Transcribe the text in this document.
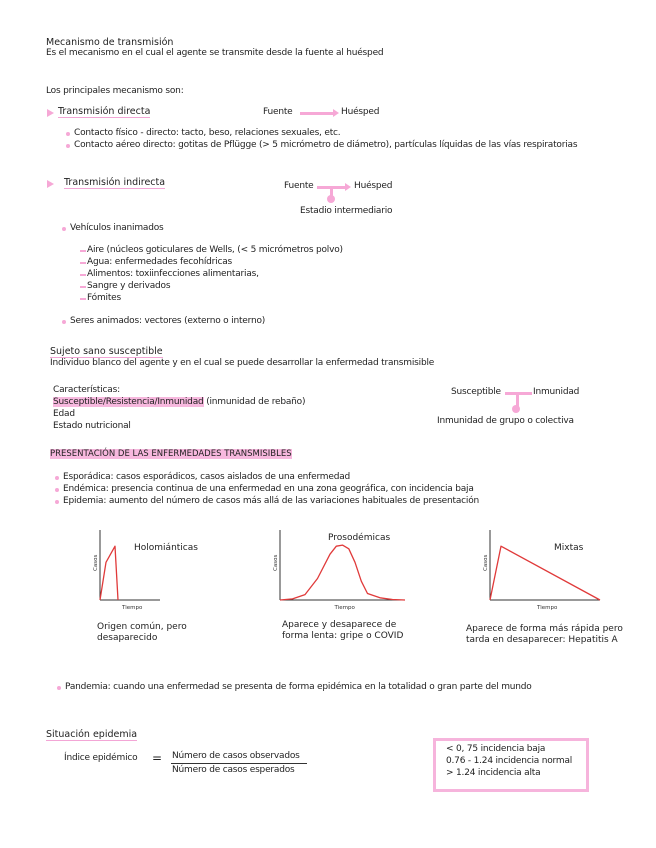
Mecanismo de transmisión
Es el mecanismo en el cual el agente se transmite desde la fuente al huésped
Los principales mecanismo son:
Transmisión directa	Fuente	Huésped
Contacto físico - directo: tacto, beso, relaciones sexuales, etc.
Contacto aéreo directo: gotitas de Pflügge (> 5 micrómetro de diámetro), partículas líquidas de las vías respiratorias
Transmisión indirecta	Fuente	Huésped
Estadio intermediario
Vehículos inanimados
Aire (núcleos goticulares de Wells, (< 5 micrómetros polvo)
Agua: enfermedades fecohídricas
Alimentos: toxiinfecciones alimentarias,
Sangre y derivados
Fómites
Seres animados: vectores (externo o interno)
Sujeto sano susceptible
Individuo blanco del agente y en el cual se puede desarrollar la enfermedad transmisible
Características:
Susceptible/Resistencia/Inmunidad (inmunidad de rebaño)
Edad
Estado nutricional
Susceptible	Inmunidad
Inmunidad de grupo o colectiva
PRESENTACIÓN DE LAS ENFERMEDADES TRANSMISIBLES
Esporádica: casos esporádicos, casos aislados de una enfermedad
Endémica: presencia continua de una enfermedad en una zona geográfica, con incidencia baja
Epidemia: aumento del número de casos más allá de las variaciones habituales de presentación
Holomiánticas
Tiempo
Casos
Prosodémicas
Tiempo
Casos
Mixtas
Tiempo
Casos
Origen común, pero
desaparecido
Aparece y desaparece de
forma lenta: gripe o COVID
Aparece de forma más rápida pero
tarda en desaparecer: Hepatitis A
Pandemia: cuando una enfermedad se presenta de forma epidémica en la totalidad o gran parte del mundo
Situación epidemia
Índice epidémico = Número de casos observados
Número de casos esperados
< 0, 75 incidencia baja
0.76 - 1.24 incidencia normal
> 1.24 incidencia alta
